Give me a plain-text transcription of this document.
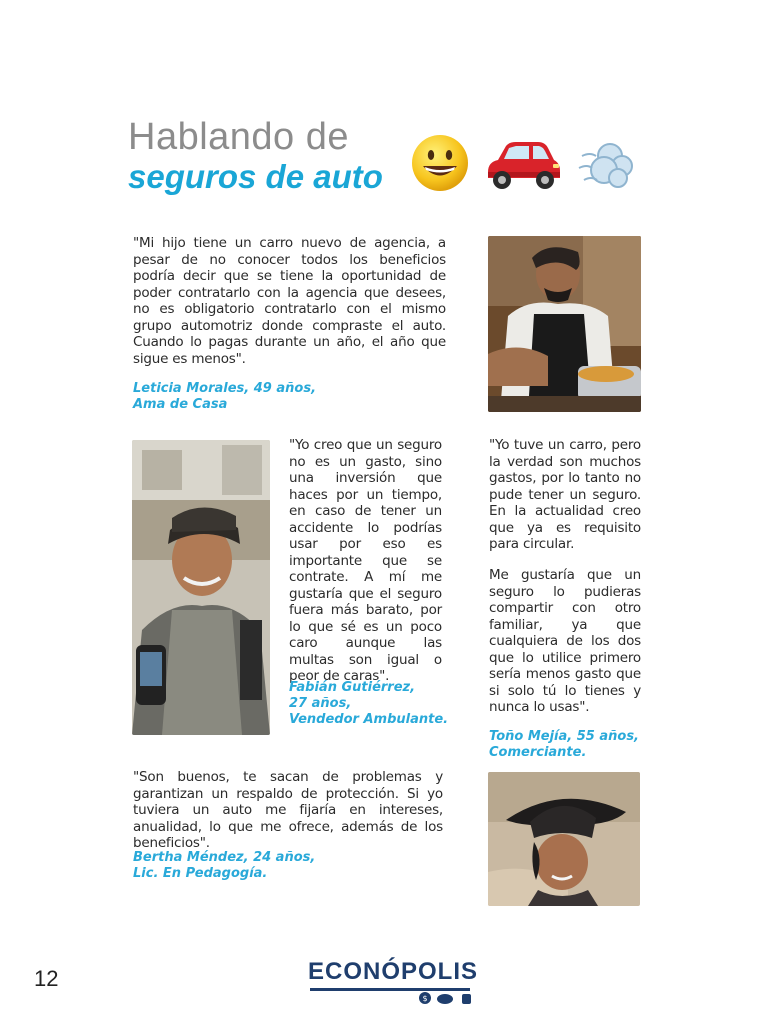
Hablando de
seguros de auto
"Mi hijo tiene un carro nuevo de agencia, a pesar de no conocer todos los beneficios podría decir que se tiene la oportunidad de poder contratarlo con la agencia que desees, no es obligatorio contratarlo con el mismo grupo automotriz donde compraste el auto. Cuando lo pagas durante un año, el año que sigue es menos".
Leticia Morales, 49 años,
Ama de Casa
"Yo creo que un seguro no es un gasto, sino una inversión que haces por un tiempo, en caso de tener un accidente lo podrías usar por eso es importante que se contrate. A mí me gustaría que el seguro fuera más barato, por lo que sé es un poco caro aunque las multas son igual o peor de caras".
Fabián Gutiérrez,
27 años,
Vendedor Ambulante.
"Yo tuve un carro, pero la verdad son muchos gastos, por lo tanto no pude tener un seguro. En la actualidad creo que ya es requisito para circular.
Me gustaría que un seguro lo pudieras compartir con otro familiar, ya que cualquiera de los dos que lo utilice primero sería menos gasto que si solo tú lo tienes y nunca lo usas".
Toño Mejía, 55 años,
Comerciante.
"Son buenos, te sacan de problemas y garantizan un respaldo de protección. Si yo tuviera un auto me fijaría en intereses, anualidad, lo que me ofrece, además de los beneficios".
Bertha Méndez, 24 años,
Lic. En Pedagogía.
12	ECONÓPOLIS
$
